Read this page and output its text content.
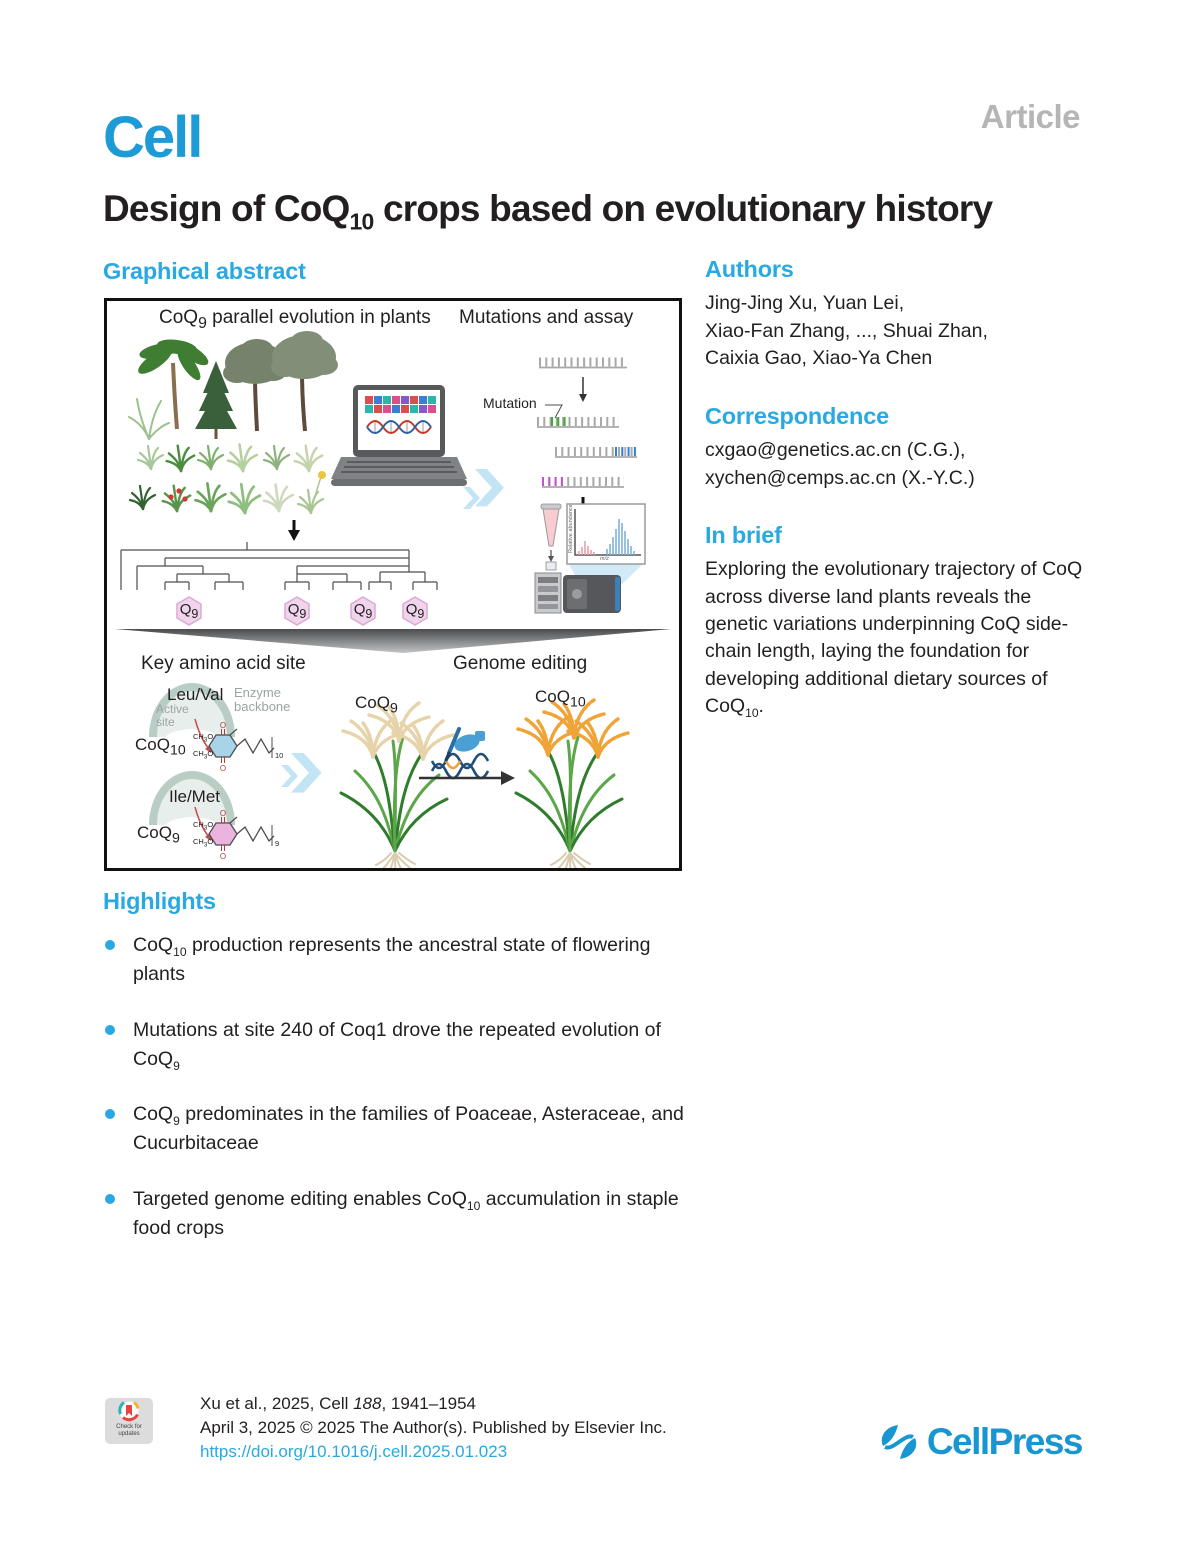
Cell	Article
Design of CoQ$_{10}$ crops based on evolutionary history
Graphical abstract
O
O
O
O
CoQ$_9$ parallel evolution in plants Mutations and assay
Mutation
$Q_9$	$Q_9$	$Q_9$	$Q_9$
Key amino acid site	Genome editing
Leu/Val Enzyme backbone
Active site
CoQ$_{10}$
$CH_3O$
$CH_3O$	10
Ile/Met
CoQ$_9$
$CH_3O$
$CH_3O$	9
CoQ$_9$
CoQ$_{10}$
Relative abundance
m/z
Authors
Jing-Jing Xu, Yuan Lei,
Xiao-Fan Zhang, ..., Shuai Zhan,
Caixia Gao, Xiao-Ya Chen
Correspondence
cxgao@genetics.ac.cn (C.G.),
xychen@cemps.ac.cn (X.-Y.C.)
In brief
Exploring the evolutionary trajectory of CoQ across diverse land plants reveals the genetic variations underpinning CoQ side-chain length, laying the foundation for developing additional dietary sources of CoQ$_{10}$.
Highlights
CoQ$_{10}$ production represents the ancestral state of flowering plants
Mutations at site 240 of Coq1 drove the repeated evolution of CoQ$_9$
CoQ$_9$ predominates in the families of Poaceae, Asteraceae, and Cucurbitaceae
Targeted genome editing enables CoQ$_{10}$ accumulation in staple food crops
Check for updates
Xu et al., 2025, Cell 188, 1941–1954
April 3, 2025 © 2025 The Author(s). Published by Elsevier Inc.
https://doi.org/10.1016/j.cell.2025.01.023	CellPress
